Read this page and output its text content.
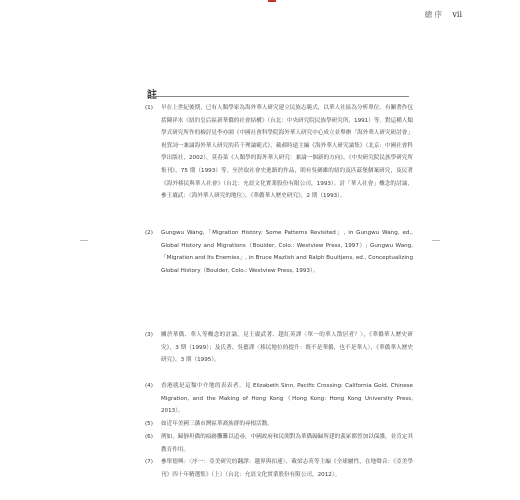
總 序 vii
註
(1) 早在上世紀後期，已有人類學家為海外華人研究建立民族志範式，以華人社區為分析單位。有關著作包括陳祥水《紐約皇后區新華僑的社會結構》（台北：中央研究院民族學研究所，1991）等。對這種人類學式研究所作的檢討見李亦園《中國社會科學院海外華人研究中心成立並舉辦「海外華人研究研討會」祝賀詞一兼論海外華人研究的若干理論範式》，載郝時遠主編《海外華人研究論集》（北京：中國社會科學出版社，2002），莫春菜《人類學的海外華人研究：兼論一個新的方向》，《中央研究院民族學研究所集刊》，75 期（1993）等。至於取社會史進路的作品，則有吳劍雄的紐約及匹茲堡個案研究，及民著《海外移民與華人社會》（台北：允晨文化實業股份有限公司，1993）。討「華人社會」概念的討論，參王賡武：〈海外華人研究的地位〉，《華僑華人歷史研究》，2 期（1993）。
(2) Gungwu Wang,「Migration History: Some Patterns Revisited」, in Gungwu Wang, ed., Global History and Migrations（Boulder, Colo.: Westview Press, 1997）; Gungwu Wang,「Migration and Its Enemies」, in Bruce Mazlish and Ralph Buultjens, ed., Conceptualizing Global History（Boulder, Colo.: Westview Press, 1993）。
(3) 關於華僑、華人等概念的討論，見王賡武著、趙紅英譯〈單一的華人散居者？〉，《華僑華人歷史研究》，3 期（1999）；及氏著、吳藝譯〈移民地位的提升：既不是華僑，也不是華人〉，《華僑華人歷史研究》，3 期（1995）。
(4) 香港就是這類中介地的表表者。見 Elizabeth Sinn, Pacific Crossing: California Gold, Chinese Migration, and the Making of Hong Kong（Hong Kong: Hong Kong University Press, 2013）。
(5) 如近年美國三藩市灣區華裔族群的尋根活動。
(6) 例如，歸靜坦僑的痕跡攤難以追尋，中國政府和民間對為華僑歸歸所建的義冢都曾加以保護，並肯定其教育作用。
(7) 參單德興：〈序一：亞美研究的翻譯：越界與扣連〉，載梁志英等主編《全球屬性，在地聲音：《亞美學刊》四十年精選集》（上）（台北：允晨文化實業股份有限公司，2012）。
